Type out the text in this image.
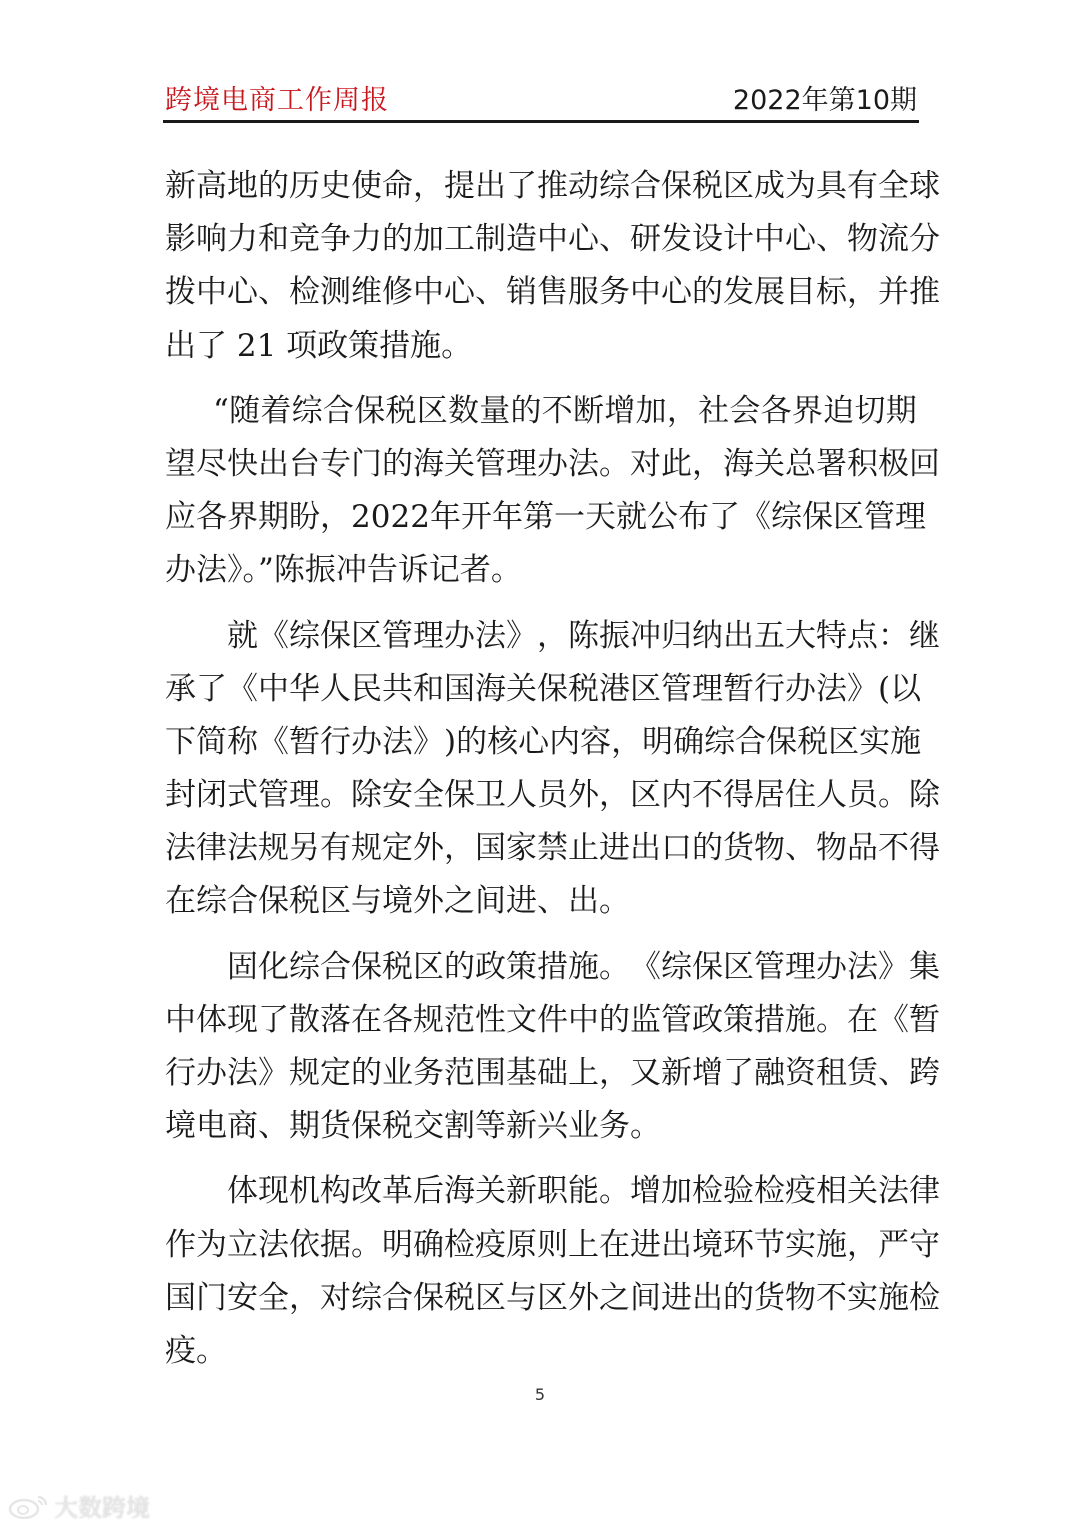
跨境电商工作周报	2022年第10期
新 高 地 的 历 史 使 命 ， 提 出 了 推 动 综 合 保 税 区 成 为 具 有 全 球
影 响 力 和 竞 争 力 的 加 工 制 造 中 心 、 研 发 设 计 中 心 、 物 流 分
拨 中 心 、 检 测 维 修 中 心 、 销 售 服 务 中 心 的 发 展 目 标 ， 并 推
出了 21 项政策措施。
“ 随 着 综 合 保 税 区 数 量 的 不 断 增 加 ， 社 会 各 界 迫 切 期
望 尽 快 出 台 专 门 的 海 关 管 理 办 法 。 对 此 ， 海 关 总 署 积 极 回
应 各 界 期 盼 ， 2 0 2 2 年 开 年 第 一 天 就 公 布 了 《 综 保 区 管 理
办法》。”陈振冲告诉记者。
就 《 综 保 区 管 理 办 法 》 ， 陈 振 冲 归 纳 出 五 大 特 点 ： 继
承 了 《 中 华 人 民 共 和 国 海 关 保 税 港 区 管 理 暂 行 办 法 》 ( 以
下 简 称 《 暂 行 办 法 》 ) 的 核 心 内 容 ， 明 确 综 合 保 税 区 实 施
封 闭 式 管 理 。 除 安 全 保 卫 人 员 外 ， 区 内 不 得 居 住 人 员 。 除
法 律 法 规 另 有 规 定 外 ， 国 家 禁 止 进 出 口 的 货 物 、 物 品 不 得
在综合保税区与境外之间进、出。
固 化 综 合 保 税 区 的 政 策 措 施 。 《 综 保 区 管 理 办 法 》 集
中 体 现 了 散 落 在 各 规 范 性 文 件 中 的 监 管 政 策 措 施 。 在 《 暂
行 办 法 》 规 定 的 业 务 范 围 基 础 上 ， 又 新 增 了 融 资 租 赁 、 跨
境电商、期货保税交割等新兴业务。
体 现 机 构 改 革 后 海 关 新 职 能 。 增 加 检 验 检 疫 相 关 法 律
作 为 立 法 依 据 。 明 确 检 疫 原 则 上 在 进 出 境 环 节 实 施 ， 严 守
国 门 安 全 ， 对 综 合 保 税 区 与 区 外 之 间 进 出 的 货 物 不 实 施 检
疫。
5
大数跨境
